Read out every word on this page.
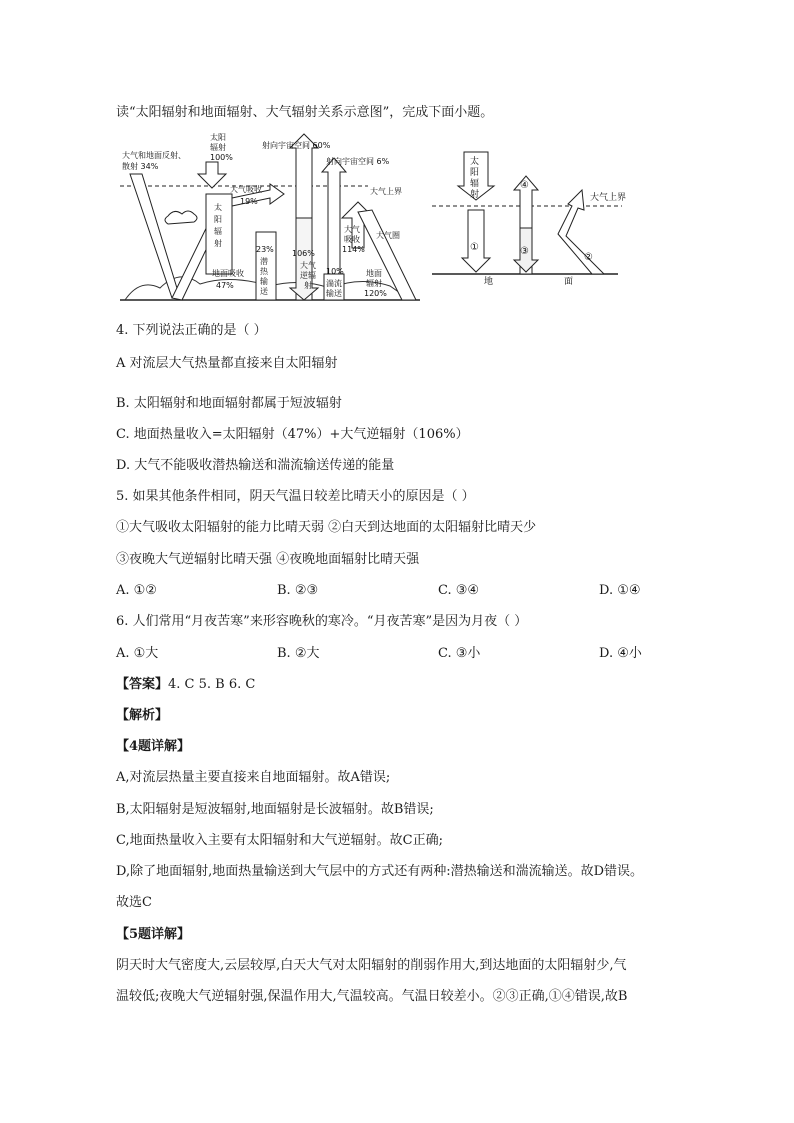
读“太阳辐射和地面辐射、大气辐射关系示意图”，完成下面小题。
大气和地面反射、
散射 34%
太阳
辐射
100%
射向宇宙空间 60%
射向宇宙空间 6%
大气上界
大气吸收
19%
太
阳
辐
射
23%
潜
热
输
送
106%
大气
逆辐
射
地面吸收
47%
大气
吸收
114%
大气圈
10%
湍流
输送
地面
辐射
120%
太
阳
辐
射
①
④
③
②
大气上界
地	面
4. 下列说法正确的是（ ）
A 对流层大气热量都直接来自太阳辐射
B. 太阳辐射和地面辐射都属于短波辐射
C. 地面热量收入=太阳辐射（47%）+大气逆辐射（106%）
D. 大气不能吸收潜热输送和湍流输送传递的能量
5. 如果其他条件相同，阴天气温日较差比晴天小的原因是（ ）
①大气吸收太阳辐射的能力比晴天弱 ②白天到达地面的太阳辐射比晴天少
③夜晚大气逆辐射比晴天强 ④夜晚地面辐射比晴天强
A. ①②	B. ②③	C. ③④	D. ①④
6. 人们常用“月夜苦寒”来形容晚秋的寒冷。“月夜苦寒”是因为月夜（ ）
A. ①大	B. ②大	C. ③小	D. ④小
【答案】4. C 5. B 6. C
【解析】
【4题详解】
A,对流层热量主要直接来自地面辐射。故A错误;
B,太阳辐射是短波辐射,地面辐射是长波辐射。故B错误;
C,地面热量收入主要有太阳辐射和大气逆辐射。故C正确;
D,除了地面辐射,地面热量输送到大气层中的方式还有两种:潜热输送和湍流输送。故D错误。
故选C
【5题详解】
阴天时大气密度大,云层较厚,白天大气对太阳辐射的削弱作用大,到达地面的太阳辐射少,气
温较低;夜晚大气逆辐射强,保温作用大,气温较高。气温日较差小。②③正确,①④错误,故B
